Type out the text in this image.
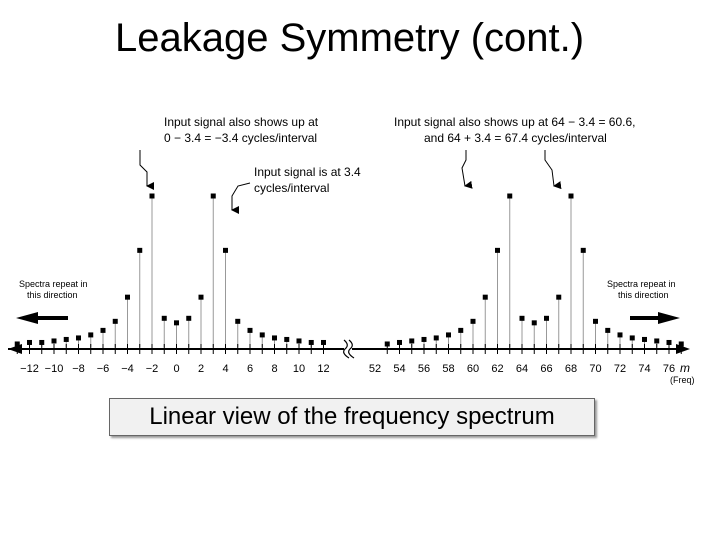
Leakage Symmetry (cont.)
−12 −10 −8 −6 −4 −2 0 2 4 6 8 10 12	52 54 56 58 60 62 64 66 68 70 72 74 76 m
(Freq)
Spectra repeat in
this direction
Spectra repeat in
this direction
Input signal also shows up at
0 − 3.4 = −3.4 cycles/interval
Input signal is at 3.4
cycles/interval
Input signal also shows up at 64 − 3.4 = 60.6,
and 64 + 3.4 = 67.4 cycles/interval
Linear view of the frequency spectrum
